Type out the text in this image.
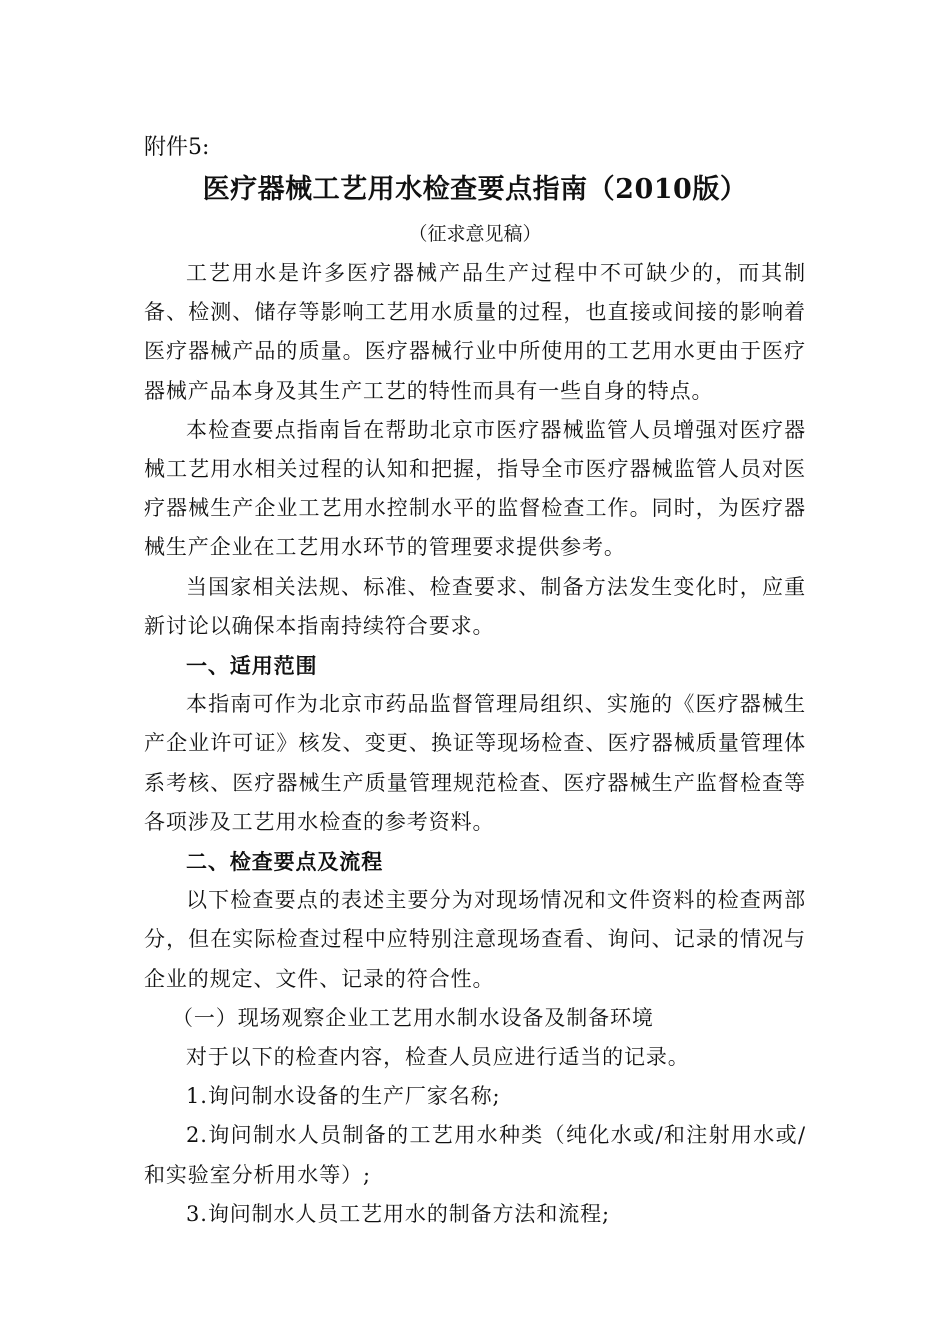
附件5:

医疗器械工艺用水检查要点指南（2010版）

（征求意见稿）

工艺用水是许多医疗器械产品生产过程中不可缺少的，而其制备、检测、储存等影响工艺用水质量的过程，也直接或间接的影响着医疗器械产品的质量。医疗器械行业中所使用的工艺用水更由于医疗器械产品本身及其生产工艺的特性而具有一些自身的特点。

本检查要点指南旨在帮助北京市医疗器械监管人员增强对医疗器械工艺用水相关过程的认知和把握，指导全市医疗器械监管人员对医疗器械生产企业工艺用水控制水平的监督检查工作。同时，为医疗器械生产企业在工艺用水环节的管理要求提供参考。

当国家相关法规、标准、检查要求、制备方法发生变化时，应重新讨论以确保本指南持续符合要求。

一、适用范围

本指南可作为北京市药品监督管理局组织、实施的《医疗器械生产企业许可证》核发、变更、换证等现场检查、医疗器械质量管理体系考核、医疗器械生产质量管理规范检查、医疗器械生产监督检查等各项涉及工艺用水检查的参考资料。

二、检查要点及流程

以下检查要点的表述主要分为对现场情况和文件资料的检查两部分，但在实际检查过程中应特别注意现场查看、询问、记录的情况与企业的规定、文件、记录的符合性。

（一）现场观察企业工艺用水制水设备及制备环境

对于以下的检查内容，检查人员应进行适当的记录。

1.询问制水设备的生产厂家名称;

2.询问制水人员制备的工艺用水种类（纯化水或/和注射用水或/和实验室分析用水等）;

3.询问制水人员工艺用水的制备方法和流程;
